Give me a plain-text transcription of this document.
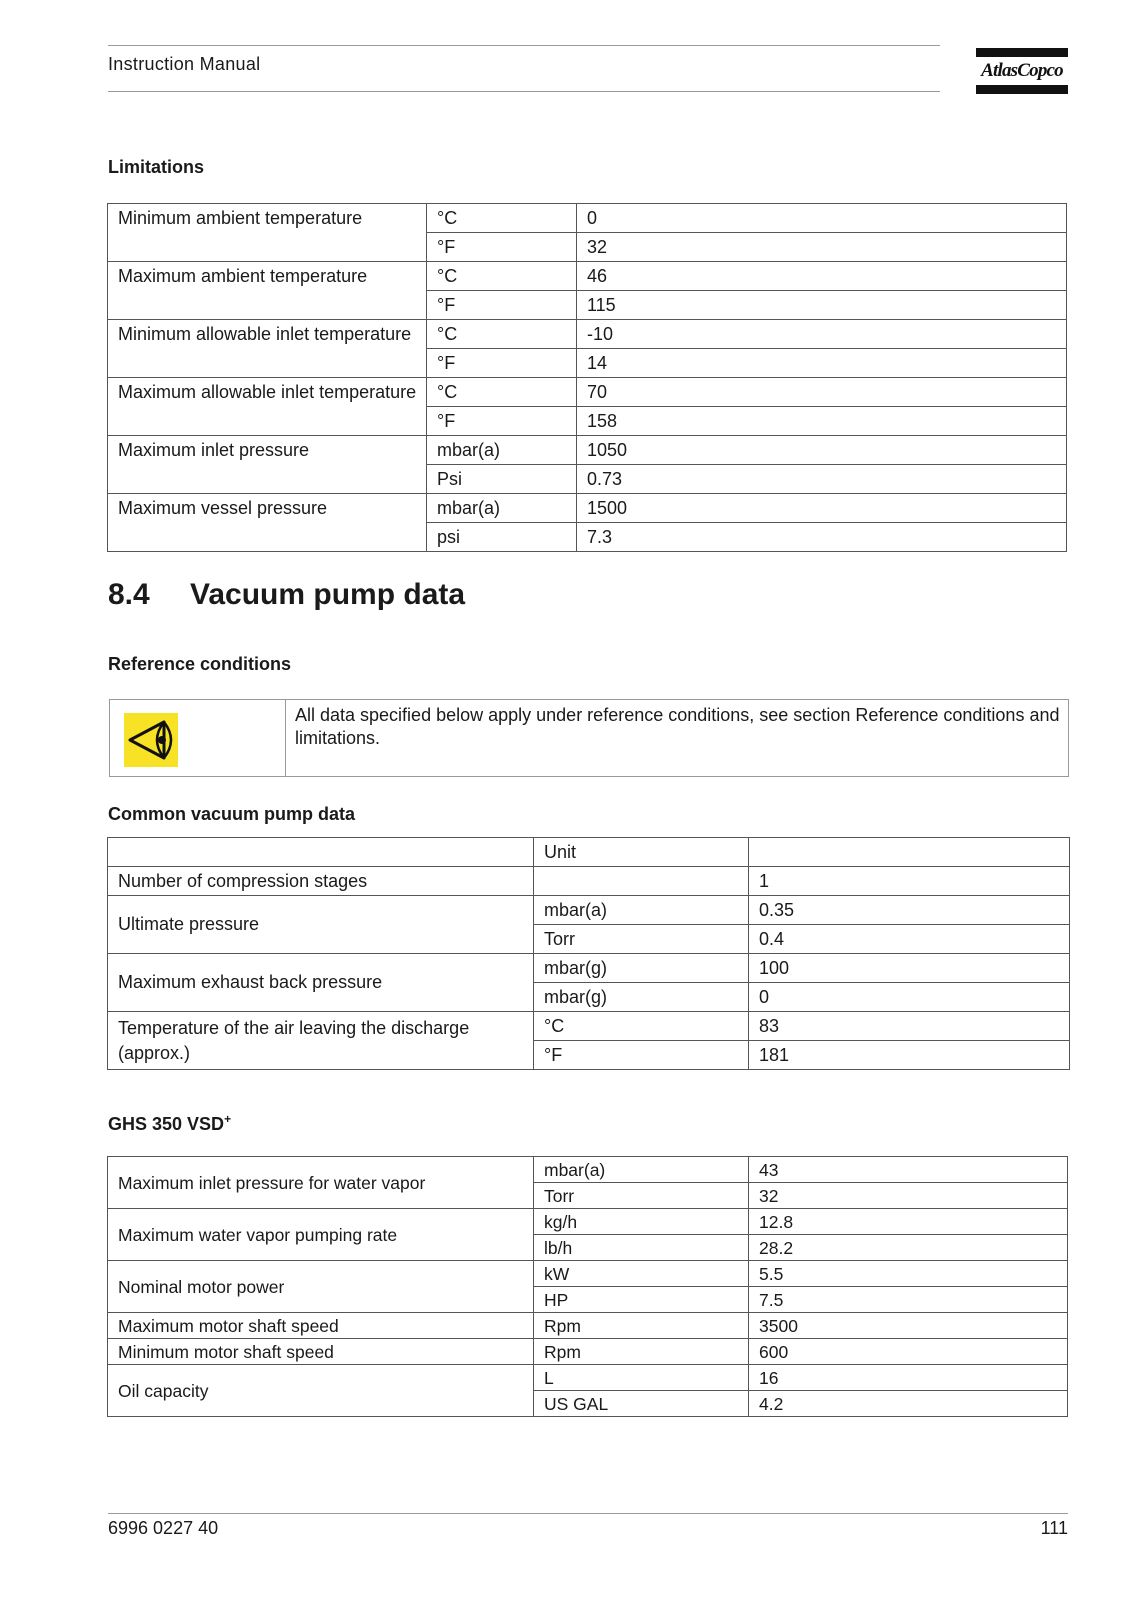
Instruction Manual	AtlasCopco
Limitations
Minimum ambient temperature	°C	0
	°F	32
Maximum ambient temperature	°C	46
	°F	115
Minimum allowable inlet temperature	°C	-10
	°F	14
Maximum allowable inlet temperature	°C	70
	°F	158
Maximum inlet pressure	mbar(a)	1050
	Psi	0.73
Maximum vessel pressure	mbar(a)	1500
	psi	7.3
8.4 Vacuum pump data
Reference conditions
All data specified below apply under reference conditions, see section Reference conditions and limitations.
Common vacuum pump data
	Unit	
Number of compression stages		1
Ultimate pressure	mbar(a)	0.35
	Torr	0.4
Maximum exhaust back pressure	mbar(g)	100
	mbar(g)	0
Temperature of the air leaving the discharge (approx.)	°C	83
	°F	181
GHS 350 VSD+
Maximum inlet pressure for water vapor	mbar(a)	43
	Torr	32
Maximum water vapor pumping rate	kg/h	12.8
	lb/h	28.2
Nominal motor power	kW	5.5
	HP	7.5
Maximum motor shaft speed	Rpm	3500
Minimum motor shaft speed	Rpm	600
Oil capacity	L	16
	US GAL	4.2
6996 0227 40	111
